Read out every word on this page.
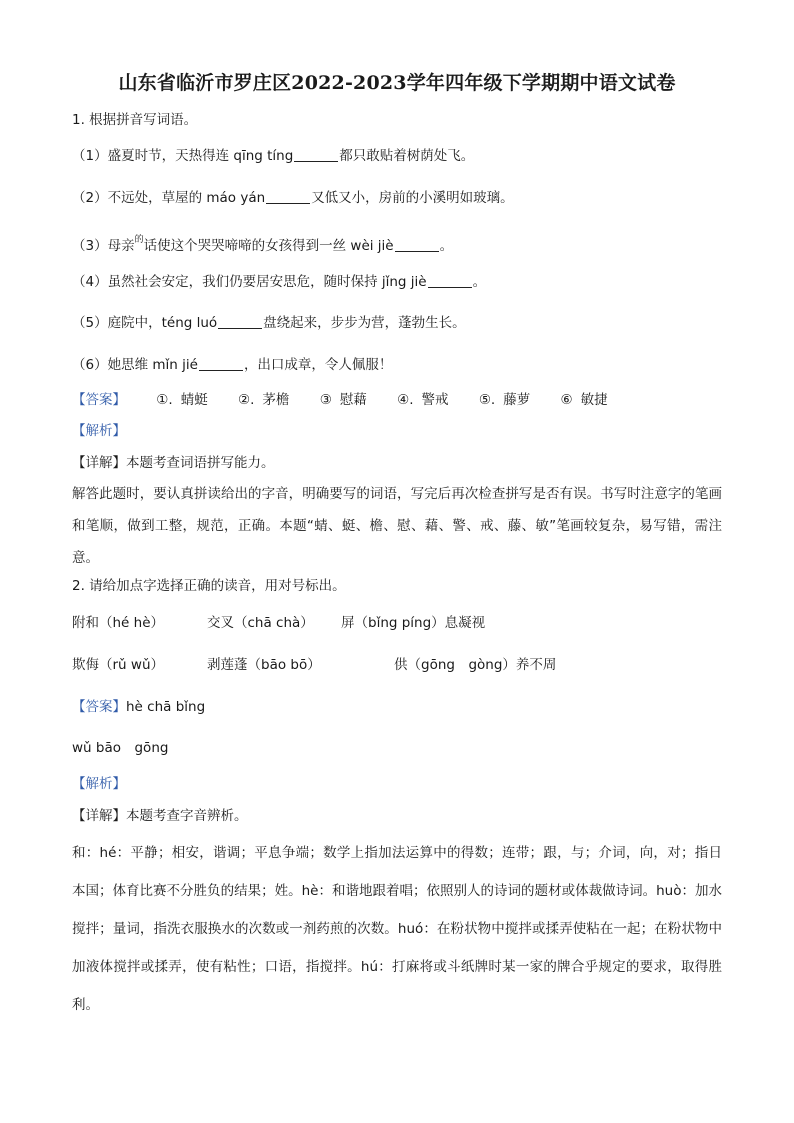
山东省临沂市罗庄区2022-2023学年四年级下学期期中语文试卷
1. 根据拼音写词语。
（1）盛夏时节，天热得连 qīng tíng	都只敢贴着树荫处飞。
（2）不远处，草屋的 máo yán	又低又小，房前的小溪明如玻璃。
（3）母亲$^的$话使这个哭哭啼啼的女孩得到一丝 wèi jiè	。
（4）虽然社会安定，我们仍要居安思危，随时保持 jǐng jiè	。
（5）庭院中，téng luó	盘绕起来，步步为营，蓬勃生长。
（6）她思维 mǐn jié	，出口成章，令人佩服！
【答案】 ①. 蜻蜓 ②. 茅檐 ③ 慰藉 ④. 警戒 ⑤. 藤萝 ⑥ 敏捷
【解析】
【详解】本题考查词语拼写能力。
解答此题时，要认真拼读给出的字音，明确要写的词语，写完后再次检查拼写是否有误。书写时注意字的笔画和笔顺，做到工整，规范，正确。本题“蜻、蜓、檐、慰、藉、警、戒、藤、敏”笔画较复杂，易写错，需注意。
2. 请给加点字选择正确的读音，用对号标出。
附和（hé hè）	交叉（chā chà） 屏（bǐng píng）息凝视
欺侮（rǔ wǔ）	剥莲蓬（bāo bō）	供（gōng　gòng）养不周
【答案】hè chā bǐng
wǔ bāo　gōng
【解析】
【详解】本题考查字音辨析。
和：hé：平静；相安，谐调；平息争端；数学上指加法运算中的得数；连带；跟，与；介词，向，对；指日本国；体育比赛不分胜负的结果；姓。hè：和谐地跟着唱；依照别人的诗词的题材或体裁做诗词。huò：加水搅拌；量词，指洗衣服换水的次数或一剂药煎的次数。huó：在粉状物中搅拌或揉弄使粘在一起；在粉状物中加液体搅拌或揉弄，使有粘性；口语，指搅拌。hú：打麻将或斗纸牌时某一家的牌合乎规定的要求，取得胜利。
